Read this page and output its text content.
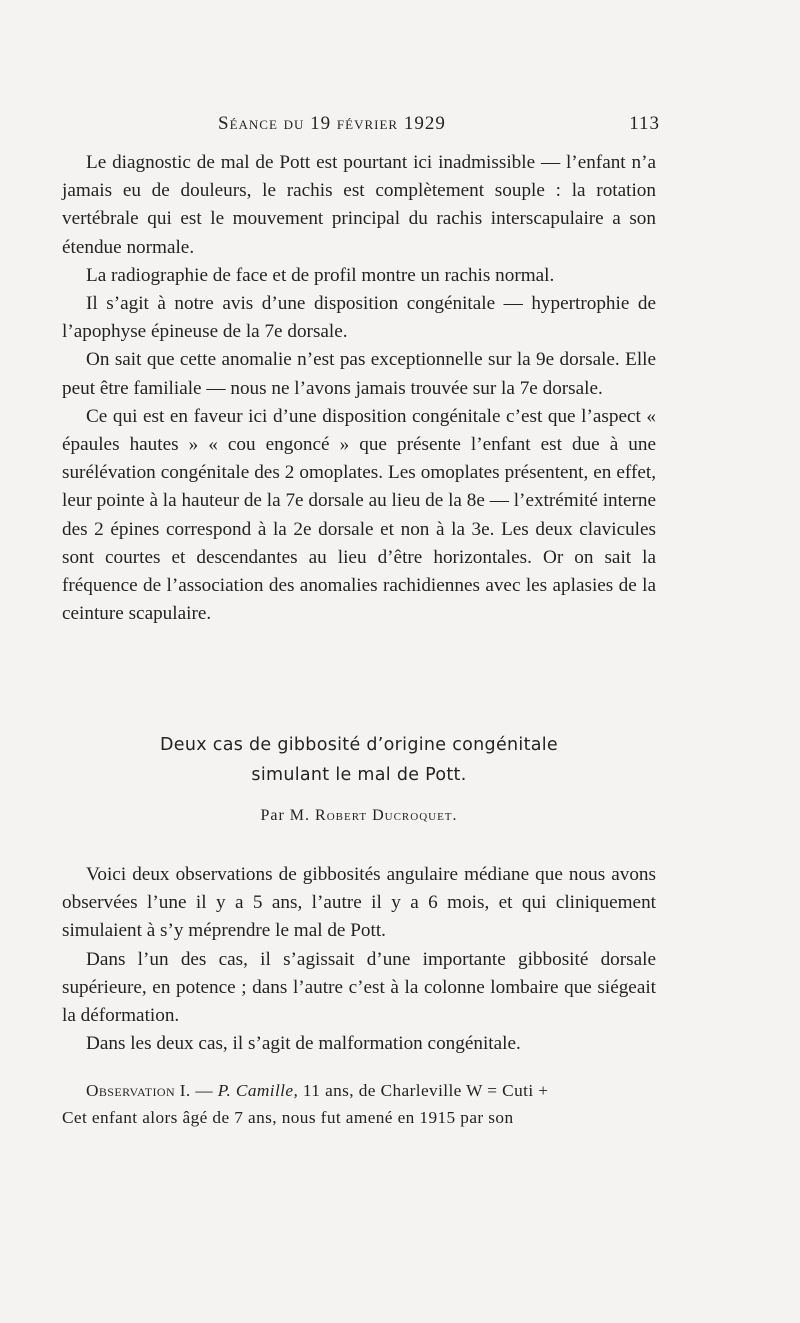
Séance du 19 février 1929	113

Le diagnostic de mal de Pott est pourtant ici inadmissible — l’enfant n’a jamais eu de douleurs, le rachis est complètement souple : la rotation vertébrale qui est le mouvement principal du rachis interscapulaire a son étendue normale.

La radiographie de face et de profil montre un rachis normal.

Il s’agit à notre avis d’une disposition congénitale — hypertrophie de l’apophyse épineuse de la 7e dorsale.

On sait que cette anomalie n’est pas exceptionnelle sur la 9e dorsale. Elle peut être familiale — nous ne l’avons jamais trouvée sur la 7e dorsale.

Ce qui est en faveur ici d’une disposition congénitale c’est que l’aspect « épaules hautes » « cou engoncé » que présente l’enfant est due à une surélévation congénitale des 2 omoplates. Les omoplates présentent, en effet, leur pointe à la hauteur de la 7e dorsale au lieu de la 8e — l’extrémité interne des 2 épines correspond à la 2e dorsale et non à la 3e. Les deux clavicules sont courtes et descendantes au lieu d’être horizontales. Or on sait la fréquence de l’association des anomalies rachidiennes avec les aplasies de la ceinture scapulaire.

Deux cas de gibbosité d’origine congénitale
simulant le mal de Pott.
Par M. Robert Ducroquet.

Voici deux observations de gibbosités angulaire médiane que nous avons observées l’une il y a 5 ans, l’autre il y a 6 mois, et qui cliniquement simulaient à s’y méprendre le mal de Pott.

Dans l’un des cas, il s’agissait d’une importante gibbosité dorsale supérieure, en potence ; dans l’autre c’est à la colonne lombaire que siégeait la déformation.

Dans les deux cas, il s’agit de malformation congénitale.

Observation I. — P. Camille, 11 ans, de Charleville W = Cuti +

Cet enfant alors âgé de 7 ans, nous fut amené en 1915 par son
